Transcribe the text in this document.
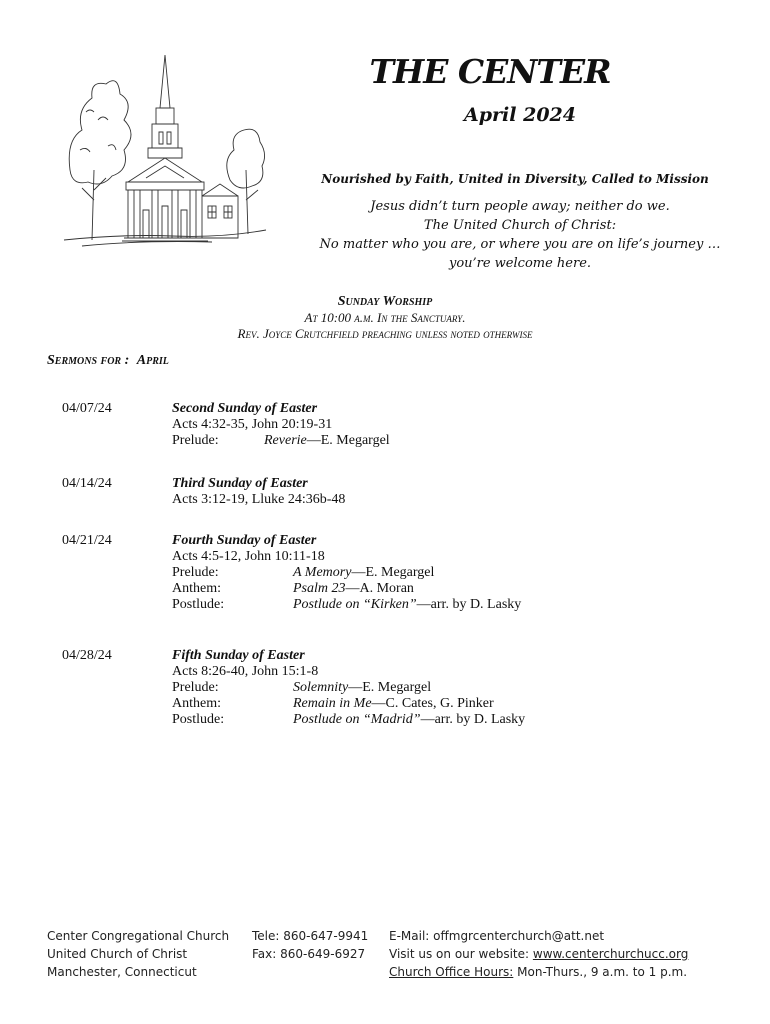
THE CENTER
April 2024
Nourished by Faith, United in Diversity, Called to Mission
Jesus didn’t turn people away; neither do we.
The United Church of Christ:
No matter who you are, or where you are on life’s journey …
you’re welcome here.
Sunday Worship
At 10:00 a.m. In the Sanctuary.
Rev. Joyce Crutchfield preaching unless noted otherwise
Sermons for : April
04/07/24	Second Sunday of Easter
Acts 4:32-35, John 20:19-31
Prelude:	Reverie—E. Megargel
04/14/24	Third Sunday of Easter
Acts 3:12-19, Lluke 24:36b-48
04/21/24	Fourth Sunday of Easter
Acts 4:5-12, John 10:11-18
Prelude:	A Memory—E. Megargel
Anthem:	Psalm 23—A. Moran
Postlude:	Postlude on “Kirken”—arr. by D. Lasky
04/28/24	Fifth Sunday of Easter
Acts 8:26-40, John 15:1-8
Prelude:	Solemnity—E. Megargel
Anthem:	Remain in Me—C. Cates, G. Pinker
Postlude:	Postlude on “Madrid”—arr. by D. Lasky
Center Congregational Church
United Church of Christ
Manchester, Connecticut
Tele: 860-647-9941
Fax: 860-649-6927
E-Mail: offmgrcenterchurch@att.net
Visit us on our website: www.centerchurchucc.org
Church Office Hours: Mon-Thurs., 9 a.m. to 1 p.m.
